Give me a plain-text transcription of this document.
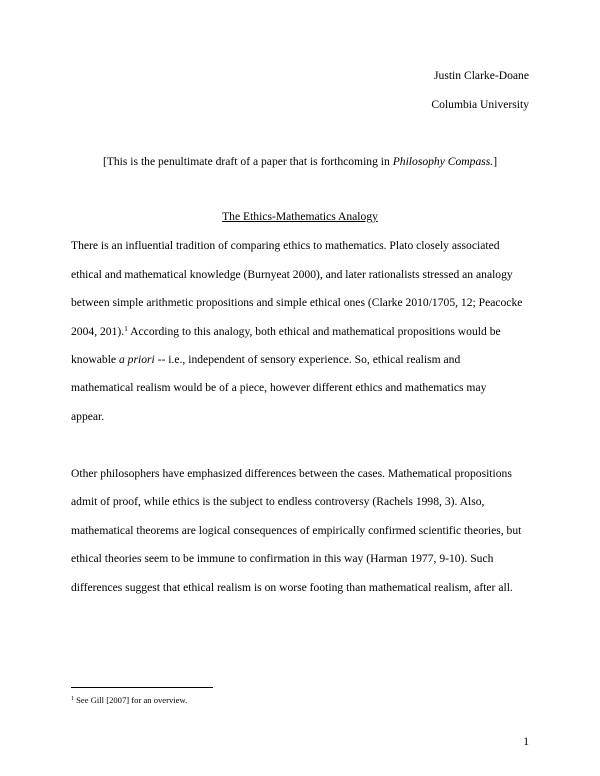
Justin Clarke-Doane
Columbia University
[This is the penultimate draft of a paper that is forthcoming in Philosophy Compass.]
The Ethics-Mathematics Analogy
There is an influential tradition of comparing ethics to mathematics. Plato closely associated
ethical and mathematical knowledge (Burnyeat 2000), and later rationalists stressed an analogy
between simple arithmetic propositions and simple ethical ones (Clarke 2010/1705, 12; Peacocke
2004, 201).$^1$ According to this analogy, both ethical and mathematical propositions would be
knowable a priori -- i.e., independent of sensory experience. So, ethical realism and
mathematical realism would be of a piece, however different ethics and mathematics may
appear.
Other philosophers have emphasized differences between the cases. Mathematical propositions
admit of proof, while ethics is the subject to endless controversy (Rachels 1998, 3). Also,
mathematical theorems are logical consequences of empirically confirmed scientific theories, but
ethical theories seem to be immune to confirmation in this way (Harman 1977, 9-10). Such
differences suggest that ethical realism is on worse footing than mathematical realism, after all.
$^1$ See Gill [2007] for an overview.
1
